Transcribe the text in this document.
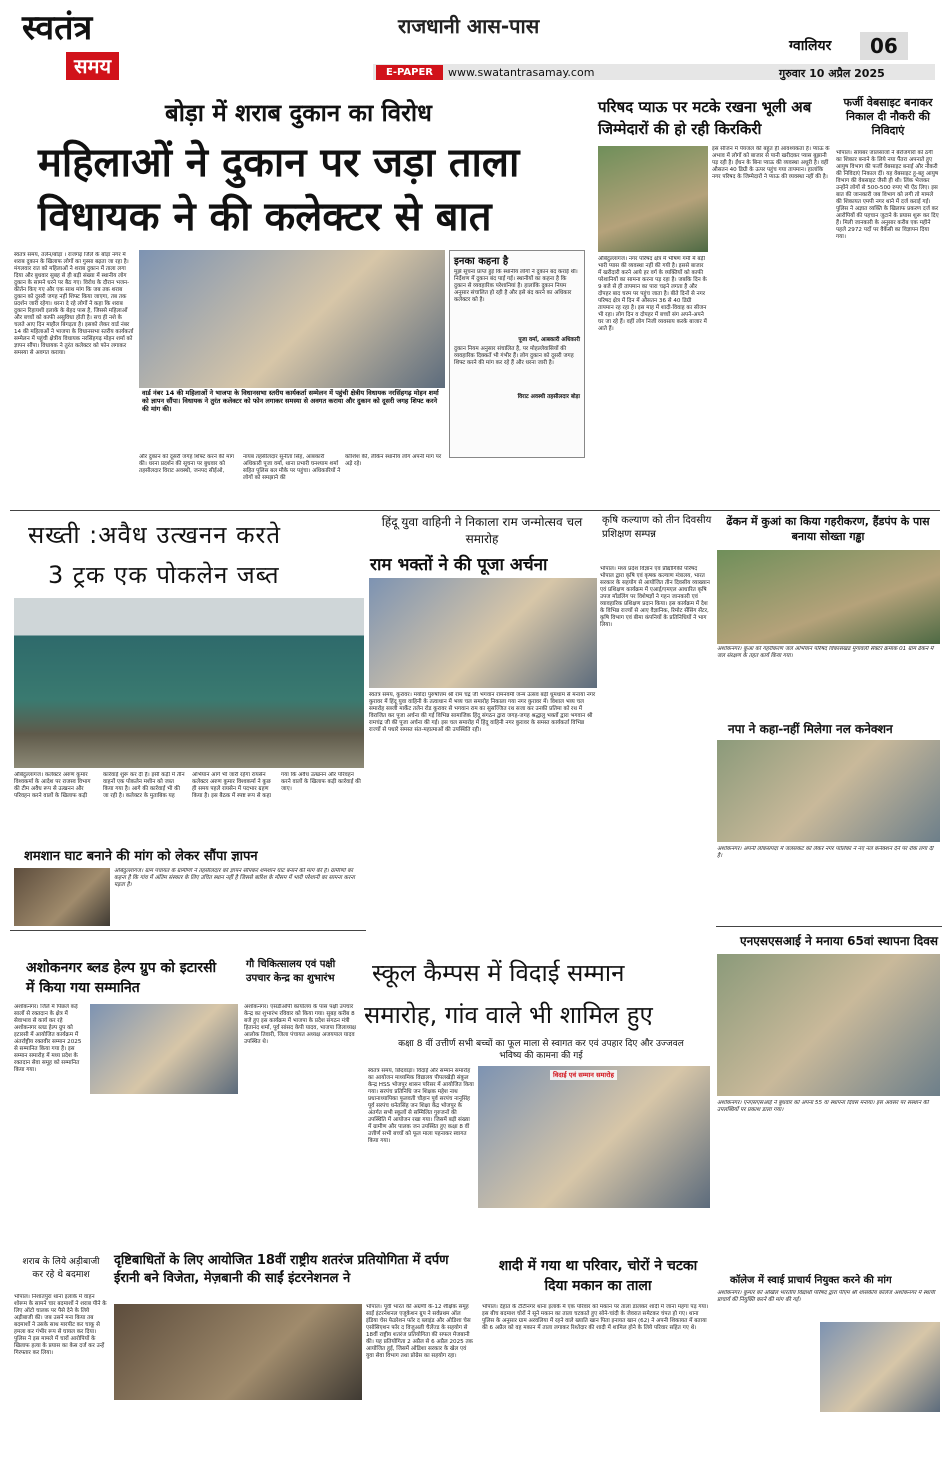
स्वतंत्र
समय
राजधानी आस-पास
E-PAPER	www.swatantrasamay.com
ग्वालियर	06
गुरुवार 10 अप्रैल 2025
बोड़ा में शराब दुकान का विरोध
महिलाओं ने दुकान पर जड़ा ताला
विधायक ने की कलेक्टर से बात
स्वतंत्र समय, तलेन/बोड़ा । राजगढ़ जिले के बोड़ा नगर में शराब दुकान के खिलाफ लोगों का गुस्सा बढ़ता जा रहा है। मंगलवार रात को महिलाओं ने शराब दुकान में ताला लगा दिया और बुधवार सुबह से ही बड़ी संख्या में स्थानीय लोग दुकान के सामने धरने पर बैठ गए। विरोध के दौरान भजन-कीर्तन किए गए और एक साथ मांग कि जब तक शराब दुकान को दूसरी जगह नहीं शिफ्ट किया जाएगा, तब तक प्रदर्शन जारी रहेगा। धरना दे रहे लोगों ने कहा कि शराब दुकान रिहायशी इलाके के बेहद पास है, जिससे महिलाओं और बच्चों को काफी असुविधा होती है। सच ही नशे के चलते आए दिन माहौल बिगड़ता है। इसको लेकर वार्ड नंबर 14 की महिलाओं ने भाजपा के विधानसभा स्तरीय कार्यकर्ता सम्मेलन में पहुंची क्षेत्रीय विधायक नरसिंहगढ़ मोहन शर्मा को ज्ञापन सौंपा। विधायक ने तुरंत कलेक्टर को फोन लगाकर समस्या से अवगत कराया।
वार्ड नंबर 14 की महिलाओं ने भाजपा के विधानसभा स्तरीय कार्यकर्ता सम्मेलन में पहुंची क्षेत्रीय विधायक नरसिंहगढ़ मोहन शर्मा को ज्ञापन सौंपा। विधायक ने तुरंत कलेक्टर को फोन लगाकर समस्या से अवगत कराया और दुकान को दूसरी जगह शिफ्ट करने की मांग की।
और दुकान को दूसरी जगह शिफ्ट करने की मांग की। धरना प्रदर्शन की सूचना पर बुधवार को तहसीलदार विराट अवस्थी, जनपद सीईओ,
नायब तहसीलदार सुनीता सिंह, आबकारी अधिकारी पूजा वर्मा, थाना प्रभारी घनश्याम शर्मा सहित पुलिस बल मौके पर पहुंचा। अधिकारियों ने लोगों को समझाने की
कोशिश की, लेकिन स्थानीय लोग अपनी मांग पर अड़े रहे।
इनका कहना है
मुझे सूचना प्राप्त हुई कि स्थानीय लोगों ने दुकान बंद कराई थी। निर्देशण में दुकान बंद पाई गई। स्थानीयों का कहना है कि दुकान से व्यवहारिक परेशानियां है। हालांकि दुकान नियम अनुसार संचालित हो रही है और इसे बंद करने का अधिकार कलेक्टर को है।
पूजा वर्मा, आबकारी अधिकारी
दुकान नियम अनुसार संचालित है, पर मोहल्लेवासियों की व्यवहारिक दिक्कतें भी गंभीर हैं। लोग दुकान को दूसरी जगह शिफ्ट करने की मांग कर रहे हैं और धरना जारी है।
विराट अवस्थी तहसीलदार बोड़ा
परिषद प्याऊ पर मटके रखना भूली अब जिम्मेदारों की हो रही किरकिरी
औबेदुल्लागंज। नगर परिषद क्षेत्र में भीषण गर्मी में बड़ी भारी प्यास की व्यवस्था नहीं की गयी है। इससे बाजार में खरीदारी करने आये हर वर्ग के व्यक्तियों को काफी परेशानियों का सामना करना पड़ रहा है। जबकि दिन के 9 बजे से ही तापमान का पारा चढ़ने लगता है और दोपहर बाद चरम पर पहुंच जाता है। बीते दिनों से नगर परिषद क्षेत्र में दिन में औसतन 36 से 40 डिग्री तापमान रह रहा है। इस माह में शादी-विवाह का सीजन भी रहा। लोग दिन व दोपहर में बच्चों संग अपने-अपने घर जा रहे हैं। वहीं लोग निजी व्यवसाय करके बाजार में आते हैं।
इस सीजन में पेयजल की बहुत ही आवश्यकता है। प्याऊ के अभाव में लोगों को बाजार से पानी खरीदकर प्यास बुझानी पड़ रही है। ईंधन के बिना प्याऊ की व्यवस्था अधूरी है। वहीं औसतन 40 डिग्री के ऊपर पहुंच गया तापमान। हालांकि नगर परिषद के जिम्मेदारों ने प्याऊ की व्यवस्था नहीं की है।
फर्जी वेबसाइट बनाकर निकाल दी नौकरी की निविदाएं
भोपाल। सायबर जालसाजों ने बेरोजगारों को ठगी का शिकार बनाने के लिये नया पैंतरा अपनाते हुए आयुष विभाग की फर्जी वेबसाइट बनाई और नौकरी की निविदाएं निकाल दीं। यह वेबसाइट हू-बहू आयुष विभाग की वेबसाइट जैसी ही थी। लिंक भेजकर उन्होंने लोगों से 500-500 रुपए भी ऐंठ लिए। इस बात की जानकारी जब विभाग को लगी तो मामले की शिकायत एमपी नगर थाने में दर्ज कराई गई। पुलिस ने अज्ञात व्यक्ति के खिलाफ प्रकरण दर्ज कर आरोपियों की पहचान जुटाने के प्रयास शुरू कर दिए हैं। मिली जानकारी के अनुसार करीब एक महीने पहले 2972 पदों पर वैकेंसी का विज्ञापन दिया गया।
सख्ती :अवैध उत्खनन करते
3 ट्रक एक पोकलेन जब्त
औबेदुल्लागंज। कलेक्टर अरुण कुमार विश्वकर्मा के आदेश पर राजस्व विभाग की टीम अवैध रूप से उत्खनन और परिवहन करने वालों के खिलाफ कड़ी कार्रवाई शुरू कर दी है। इसी कड़ी में तीन वाहनों एक पोकलेन मशीन को जब्त किया गया है। आगे की कार्रवाई भी की जा रही है। कलेक्टर के मुताबिक यह अभियान आगे भी जारी रहेगा रायसेन कलेक्टर अरुण कुमार विश्वकर्मा ने कुछ ही समय पहले रायसेन में पदभार ग्रहण किया है। इस बैठक में स्पष्ट रूप से कहा गया कि अवैध उत्खनन और परिवहन करने वालों के खिलाफ कड़ी कार्रवाई की जाए।
शमशान घाट बनाने की मांग को लेकर सौंपा ज्ञापन
ओबेदुल्लागंज। ग्राम पंचायत के ग्रामीणों ने तहसीलदार को ज्ञापन सौंपकर शमशान घाट बनाने की मांग की है। ग्रामीणों का कहना है कि गांव में अंतिम संस्कार के लिए उचित स्थान नहीं है जिससे बारिश के मौसम में भारी परेशानी का सामना करना पड़ता है।
हिंदू युवा वाहिनी ने निकाला राम जन्मोत्सव चल समारोह
राम भक्तों ने की पूजा अर्चना
स्वतंत्र समय, कुरावर। मर्यादा पुरुषोत्तम श्री राम चंद्र जी भगवान रामनवमी जन्म उत्सव बड़ी धूमधाम से मनाया नगर कुरावर में हिंदू युवा वाहिनी के तत्वाधान में भव्य चल समारोह निकाला गया नगर कुरावर में। विशाल भव्य चल समारोह सब्जी मार्केट तलेन रोड कुरावर से भगवान राम का सुसज्जित रथ सजा कर उनकी प्रतिमा को रथ में विराजित कर पूजा अर्चना की गई विभिन्न सामाजिक हिंदू संगठन द्वारा जगह-जगह श्रद्धालु भक्तों द्वारा भगवान श्री रामचंद्र जी की पूजा अर्चना की गई। इस चल समारोह में हिंदू वाहिनी नगर कुरावर के समस्त कार्यकर्ता विभिन्न राज्यों से पधारे समस्त संत-महात्माओं की उपस्थिति रही।
कृषि कल्याण को तीन दिवसीय प्रशिक्षण सम्पन्न
भोपाल। मध्य प्रदेश विज्ञान एवं प्रौद्योगिकी परिषद भोपाल द्वारा कृषि एवं कृषक कल्याण मंत्रालय, भारत सरकार के सहयोग से आयोजित तीन दिवसीय व्याख्यान एवं प्रशिक्षण कार्यक्रम में एआई/एमएल आधारित कृषि उपज मॉडलिंग पर विशेषज्ञों ने गहन जानकारी एवं व्यावहारिक प्रशिक्षण प्रदान किया। इस कार्यक्रम में देश के विभिन्न राज्यों से आए वैज्ञानिक, रिमोट सेंसिंग सेंटर, कृषि विभाग एवं बीमा कंपनियों के प्रतिनिधियों ने भाग लिया।
ढेंकन में कुआं का किया गहरीकरण, हैंडपंप के पास बनाया सोख्ता गड्ढा
अशोकनगर। कुआं को गहरीकरण जल अभियान परिषद विकासखंड मुंगावली सेक्टर क्रमांक 01 ग्राम ढेंकन में जल संरक्षण के तहत कार्य किया गया।
नपा ने कहा-नहीं मिलेगा नल कनेक्शन
अशोकनगर। अपनी लोकसंपदा में जलसंकट को लेकर नगर पालिका ने नए नल कनेक्शन देने पर रोक लगा दी है।
अशोकनगर ब्लड हेल्प ग्रुप को इटारसी में किया गया सम्मानित
अशोकनगर। जिले में पिछले कई सालों से रक्तदान के क्षेत्र में सेवाभाव से कार्य कर रहे अशोकनगर ब्लड हेल्प ग्रुप को इटारसी में आयोजित कार्यक्रम में अंतर्राष्ट्रीय रक्तवीर सम्मान 2025 से सम्मानित किया गया है। इस सम्मान समारोह में मध्य प्रदेश के रक्तदान सेवा समूह को सम्मानित किया गया।
गौ चिकित्सालय एवं पक्षी उपचार केन्द्र का शुभारंभ
अशोकनगर। एसडीओपी कार्यालय के पास पक्षी उपचार केन्द्र का शुभारंभ रविवार को किया गया। सुबह करीब 8 बजे हुए इस कार्यक्रम में भाजपा के प्रदेश संगठन मंत्री हितानंद शर्मा, पूर्व सांसद केपी यादव, भाजपा जिलाध्यक्ष आलोक तिवारी, जिला पंचायत अध्यक्ष अजयपाल यादव उपस्थित थे।
स्कूल कैम्पस में विदाई सम्मान
समारोह, गांव वाले भी शामिल हुए
कक्षा 8 वीं उत्तीर्ण सभी बच्चों का फूल माला से स्वागत कर एवं उपहार दिए और उज्जवल भविष्य की कामना की गई
स्वतंत्र समय, छिंदवाड़ा। विदाई और सम्मान समारोह का आयोजन माध्यमिक विद्यालय पीपलखेड़ी संकुल केन्द्र HSS भोजपुर शासन परिसर में आयोजित किया गया। सरपंच प्रतिनिधि जन शिक्षक महेश नाथ प्रधानाध्यापिका फूलवती चौहान पूर्व सरपंच नानूसिंह पूर्व सरपंच धनेतसिंह जन शिक्षा केंद्र भोजपुर के अंतर्गत सभी स्कूलों से सम्मिलित गुरुजनों की उपस्थिति में आयोजन रखा गया। जिसमें बड़ी संख्या में ग्रामीण और पालक जन उपस्थित हुए कक्षा 8 वीं उत्तीर्ण सभी बच्चों को फूल माला पहनाकर स्वागत किया गया।
विदाई एवं सम्मान समारोह
एनएसएसआई ने मनाया 65वां स्थापना दिवस
अशोकनगर। एनएसएसआई ने बुधवार को अपना 55 वां स्थापना दिवस मनाया। इस अवसर पर संस्थान की उपलब्धियों पर प्रकाश डाला गया।
शराब के लिये अड़ीबाजी कर रहे थे बदमाश
भोपाल। निशातपुरा थाना इलाके में वाहन शोरूम के सामने चार बदमाशों ने शराब पीने के लिए ऑटो चालक पर पैसे देने के लिये अड़ीबाजी की। जब उसने मना किया तब बदमाशों ने उसके साथ मारपीट कर चाकू से हमला कर गंभीर रूप से घायल कर दिया। पुलिस ने इस मामले में चारों आरोपियों के खिलाफ हत्या के प्रयास का केस दर्ज कर उन्हें गिरफ्तार कर लिया।
दृष्टिबाधितों के लिए आयोजित 18वीं राष्ट्रीय शतरंज प्रतियोगिता में दर्पण ईरानी बने विजेता, मेज़बानी की साईं इंटरनेशनल ने
भोपाल। पूर्वी भारत की अग्रणी के-12 शैक्षिक समूह साईं इंटरनेशनल एजुकेशन ग्रुप ने सर्वप्रथम ऑल इंडिया चेस फेडरेशन फॉर द ब्लाइंड और ओडिशा चेस एसोसिएशन फॉर द विजुअली चैलेंज्ड के सहयोग से 18वीं राष्ट्रीय शतरंज प्रतियोगिता की सफल मेजबानी की। यह प्रतियोगिता 2 अप्रैल से 6 अप्रैल 2025 तक आयोजित हुई, जिसमें ओडिशा सरकार के खेल एवं युवा सेवा विभाग तथा प्रोग्रेस का सहयोग रहा।
शादी में गया था परिवार, चोरों ने चटका दिया मकान का ताला
भोपाल। देहात के टीटीनगर थाना इलाके में एक परिवार को मकान पर ताला डालकर शादी में जाना महंगा पड़ गया। इस बीच बदमाश चोरों ने सूने मकान का ताला चटकाते हुए सोने-चांदी के जेवरात समेटकर चंपत हो गए। थाना पुलिस के अनुसार ग्राम अरवलिया में रहने वाले ख्याति खान पिता इनायत खान (62) ने अपनी शिकायत में बताया की 6 अप्रैल को वह मकान में ताला लगाकर रिश्तेदार की शादी में शामिल होने के लिये परिवार सहित गए थे।
कॉलेज में स्वाई प्राचार्य नियुक्त करने की मांग
अशोकनगर। कुमार को अखिल भारतीय विद्यार्थी परिषद द्वारा पीएम श्री शासकीय कॉलेज अशोकनगर में स्थायी प्राचार्य की नियुक्ति करने की मांग की गई।
